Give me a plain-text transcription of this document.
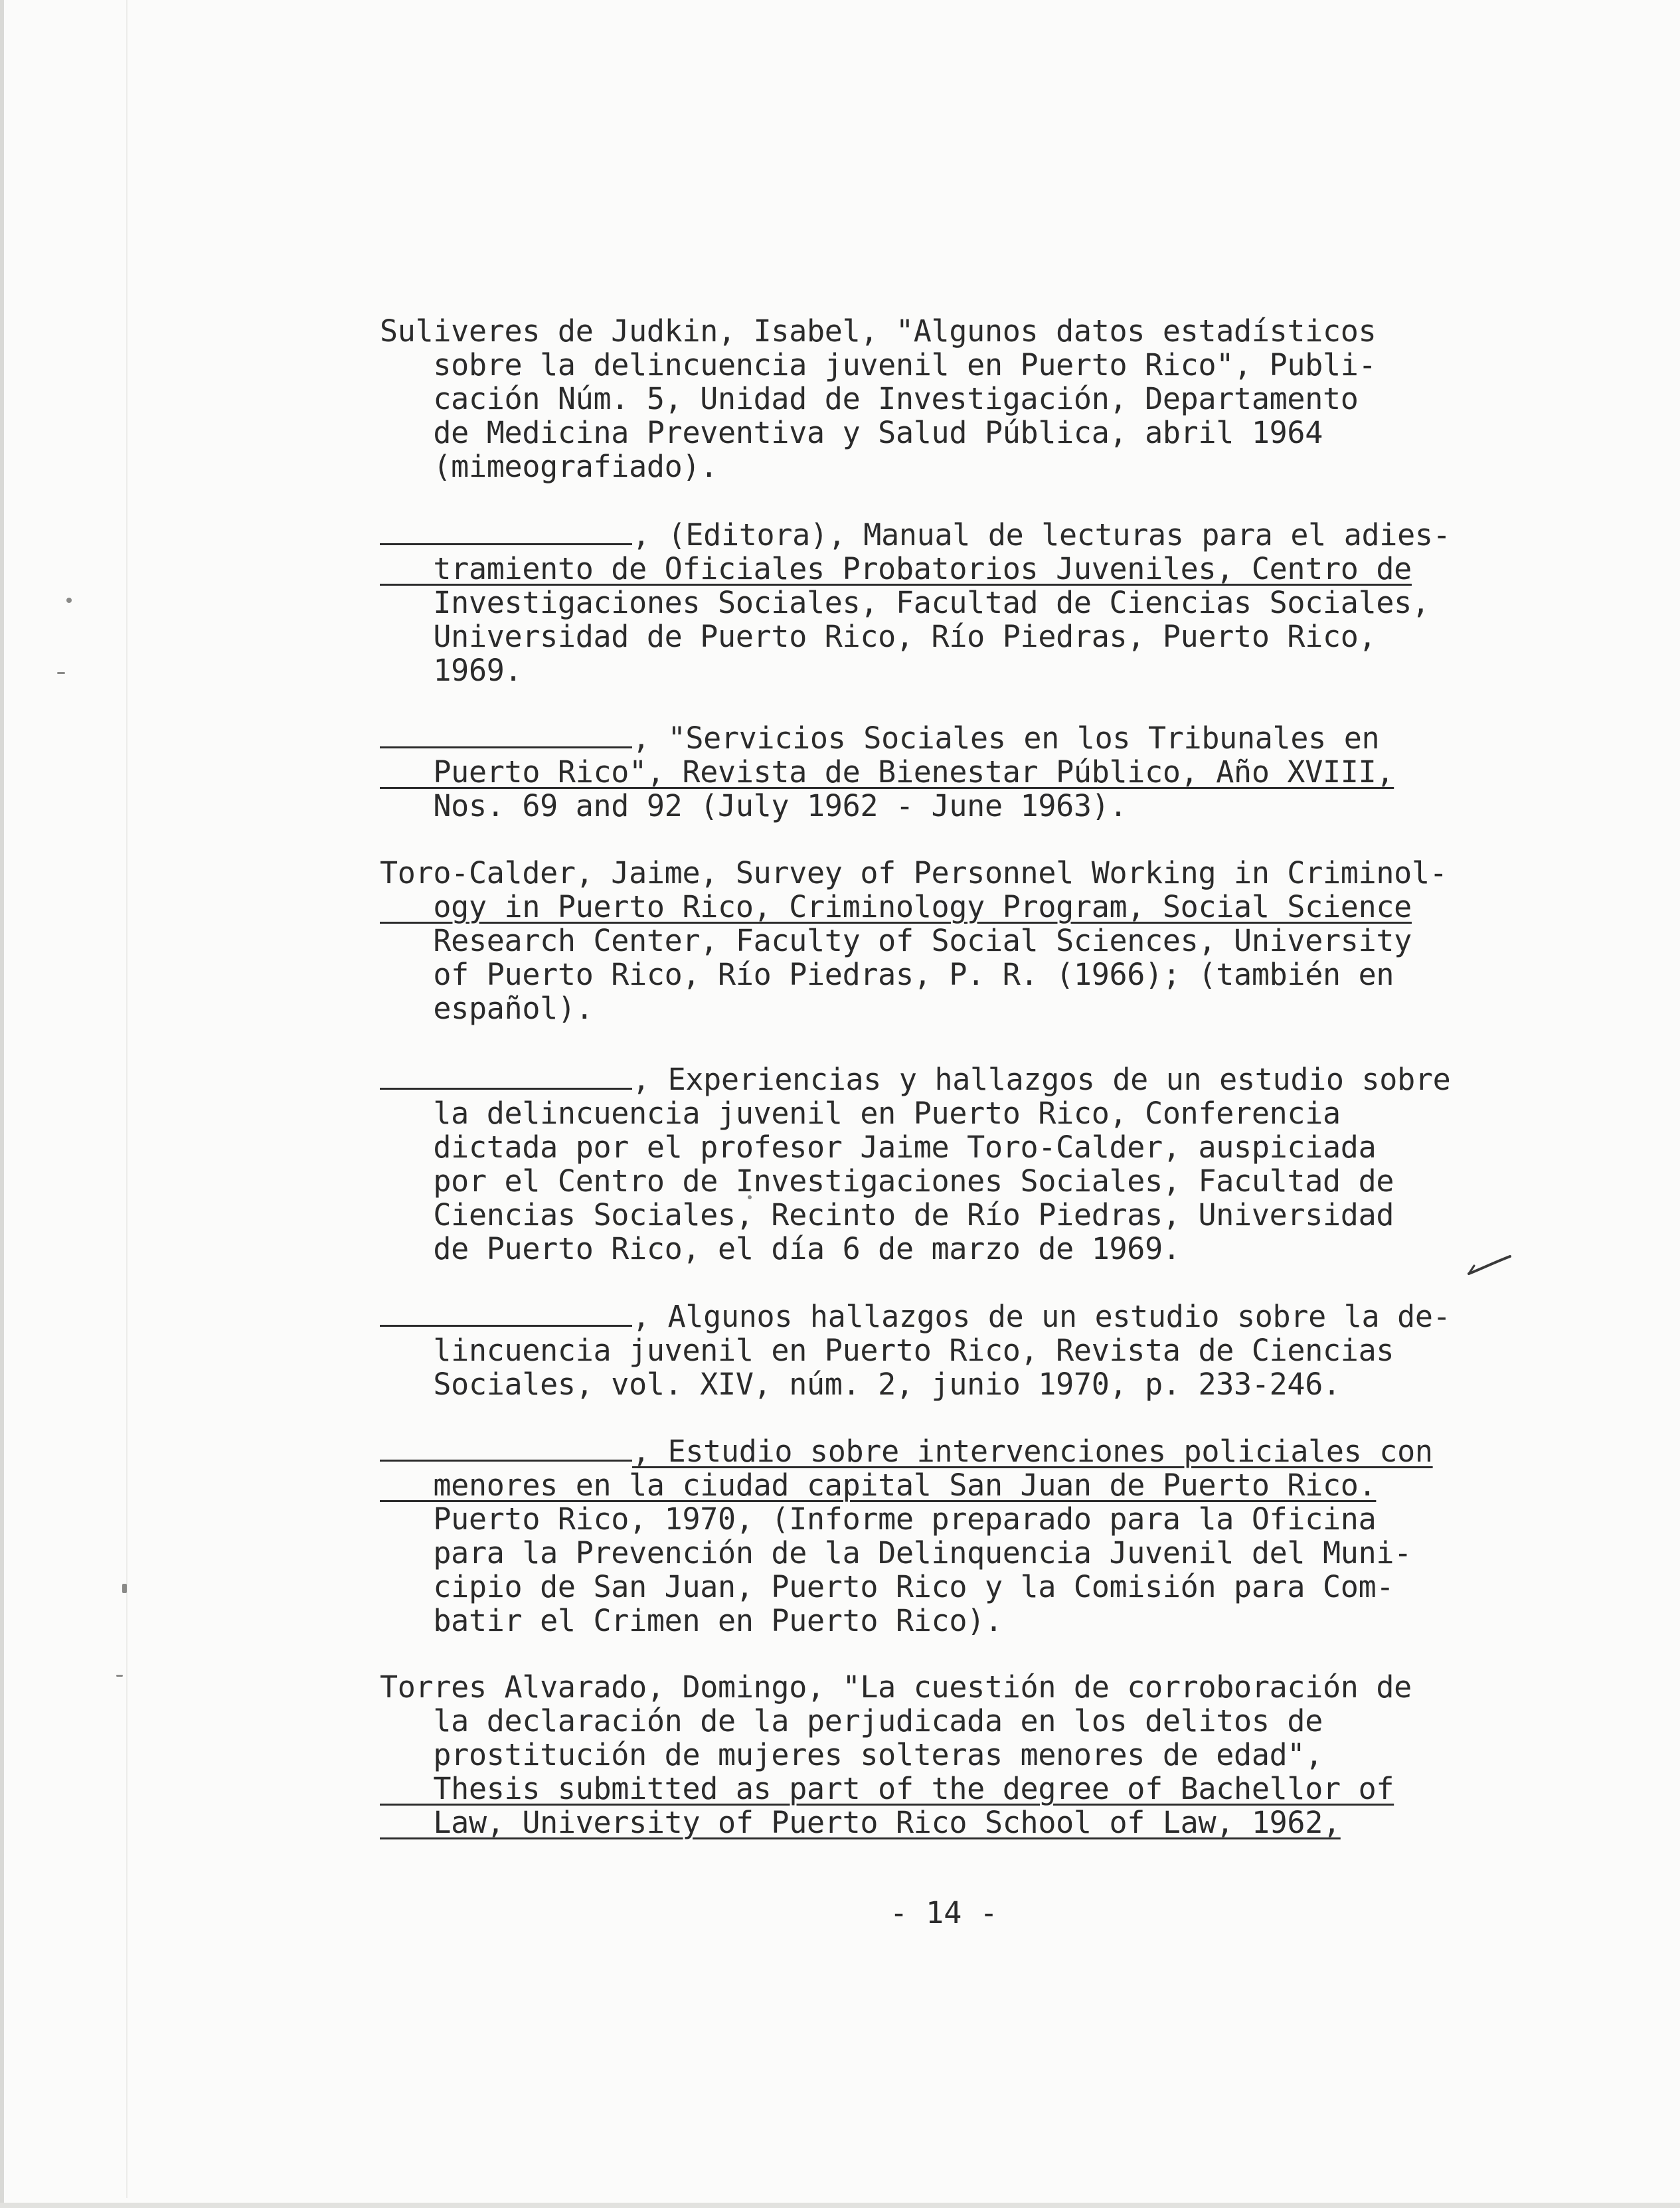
Suliveres de Judkin, Isabel, "Algunos datos estadísticos
sobre la delincuencia juvenil en Puerto Rico", Publi-
cación Núm. 5, Unidad de Investigación, Departamento
de Medicina Preventiva y Salud Pública, abril 1964
(mimeografiado).

, (Editora), Manual de lecturas para el adies-
tramiento de Oficiales Probatorios Juveniles, Centro de
Investigaciones Sociales, Facultad de Ciencias Sociales,
Universidad de Puerto Rico, Río Piedras, Puerto Rico,
1969.

, "Servicios Sociales en los Tribunales en
Puerto Rico", Revista de Bienestar Público, Año XVIII,
Nos. 69 and 92 (July 1962 - June 1963).

Toro-Calder, Jaime, Survey of Personnel Working in Criminol-
ogy in Puerto Rico, Criminology Program, Social Science
Research Center, Faculty of Social Sciences, University
of Puerto Rico, Río Piedras, P. R. (1966); (también en
español).

, Experiencias y hallazgos de un estudio sobre
la delincuencia juvenil en Puerto Rico, Conferencia
dictada por el profesor Jaime Toro-Calder, auspiciada
por el Centro de Investigaciones Sociales, Facultad de
Ciencias Sociales, Recinto de Río Piedras, Universidad
de Puerto Rico, el día 6 de marzo de 1969.

, Algunos hallazgos de un estudio sobre la de-
lincuencia juvenil en Puerto Rico, Revista de Ciencias
Sociales, vol. XIV, núm. 2, junio 1970, p. 233-246.

, Estudio sobre intervenciones policiales con
menores en la ciudad capital San Juan de Puerto Rico.
Puerto Rico, 1970, (Informe preparado para la Oficina
para la Prevención de la Delinquencia Juvenil del Muni-
cipio de San Juan, Puerto Rico y la Comisión para Com-
batir el Crimen en Puerto Rico).

Torres Alvarado, Domingo, "La cuestión de corroboración de
la declaración de la perjudicada en los delitos de
prostitución de mujeres solteras menores de edad",
Thesis submitted as part of the degree of Bachellor of
Law, University of Puerto Rico School of Law, 1962,
- 14 -
